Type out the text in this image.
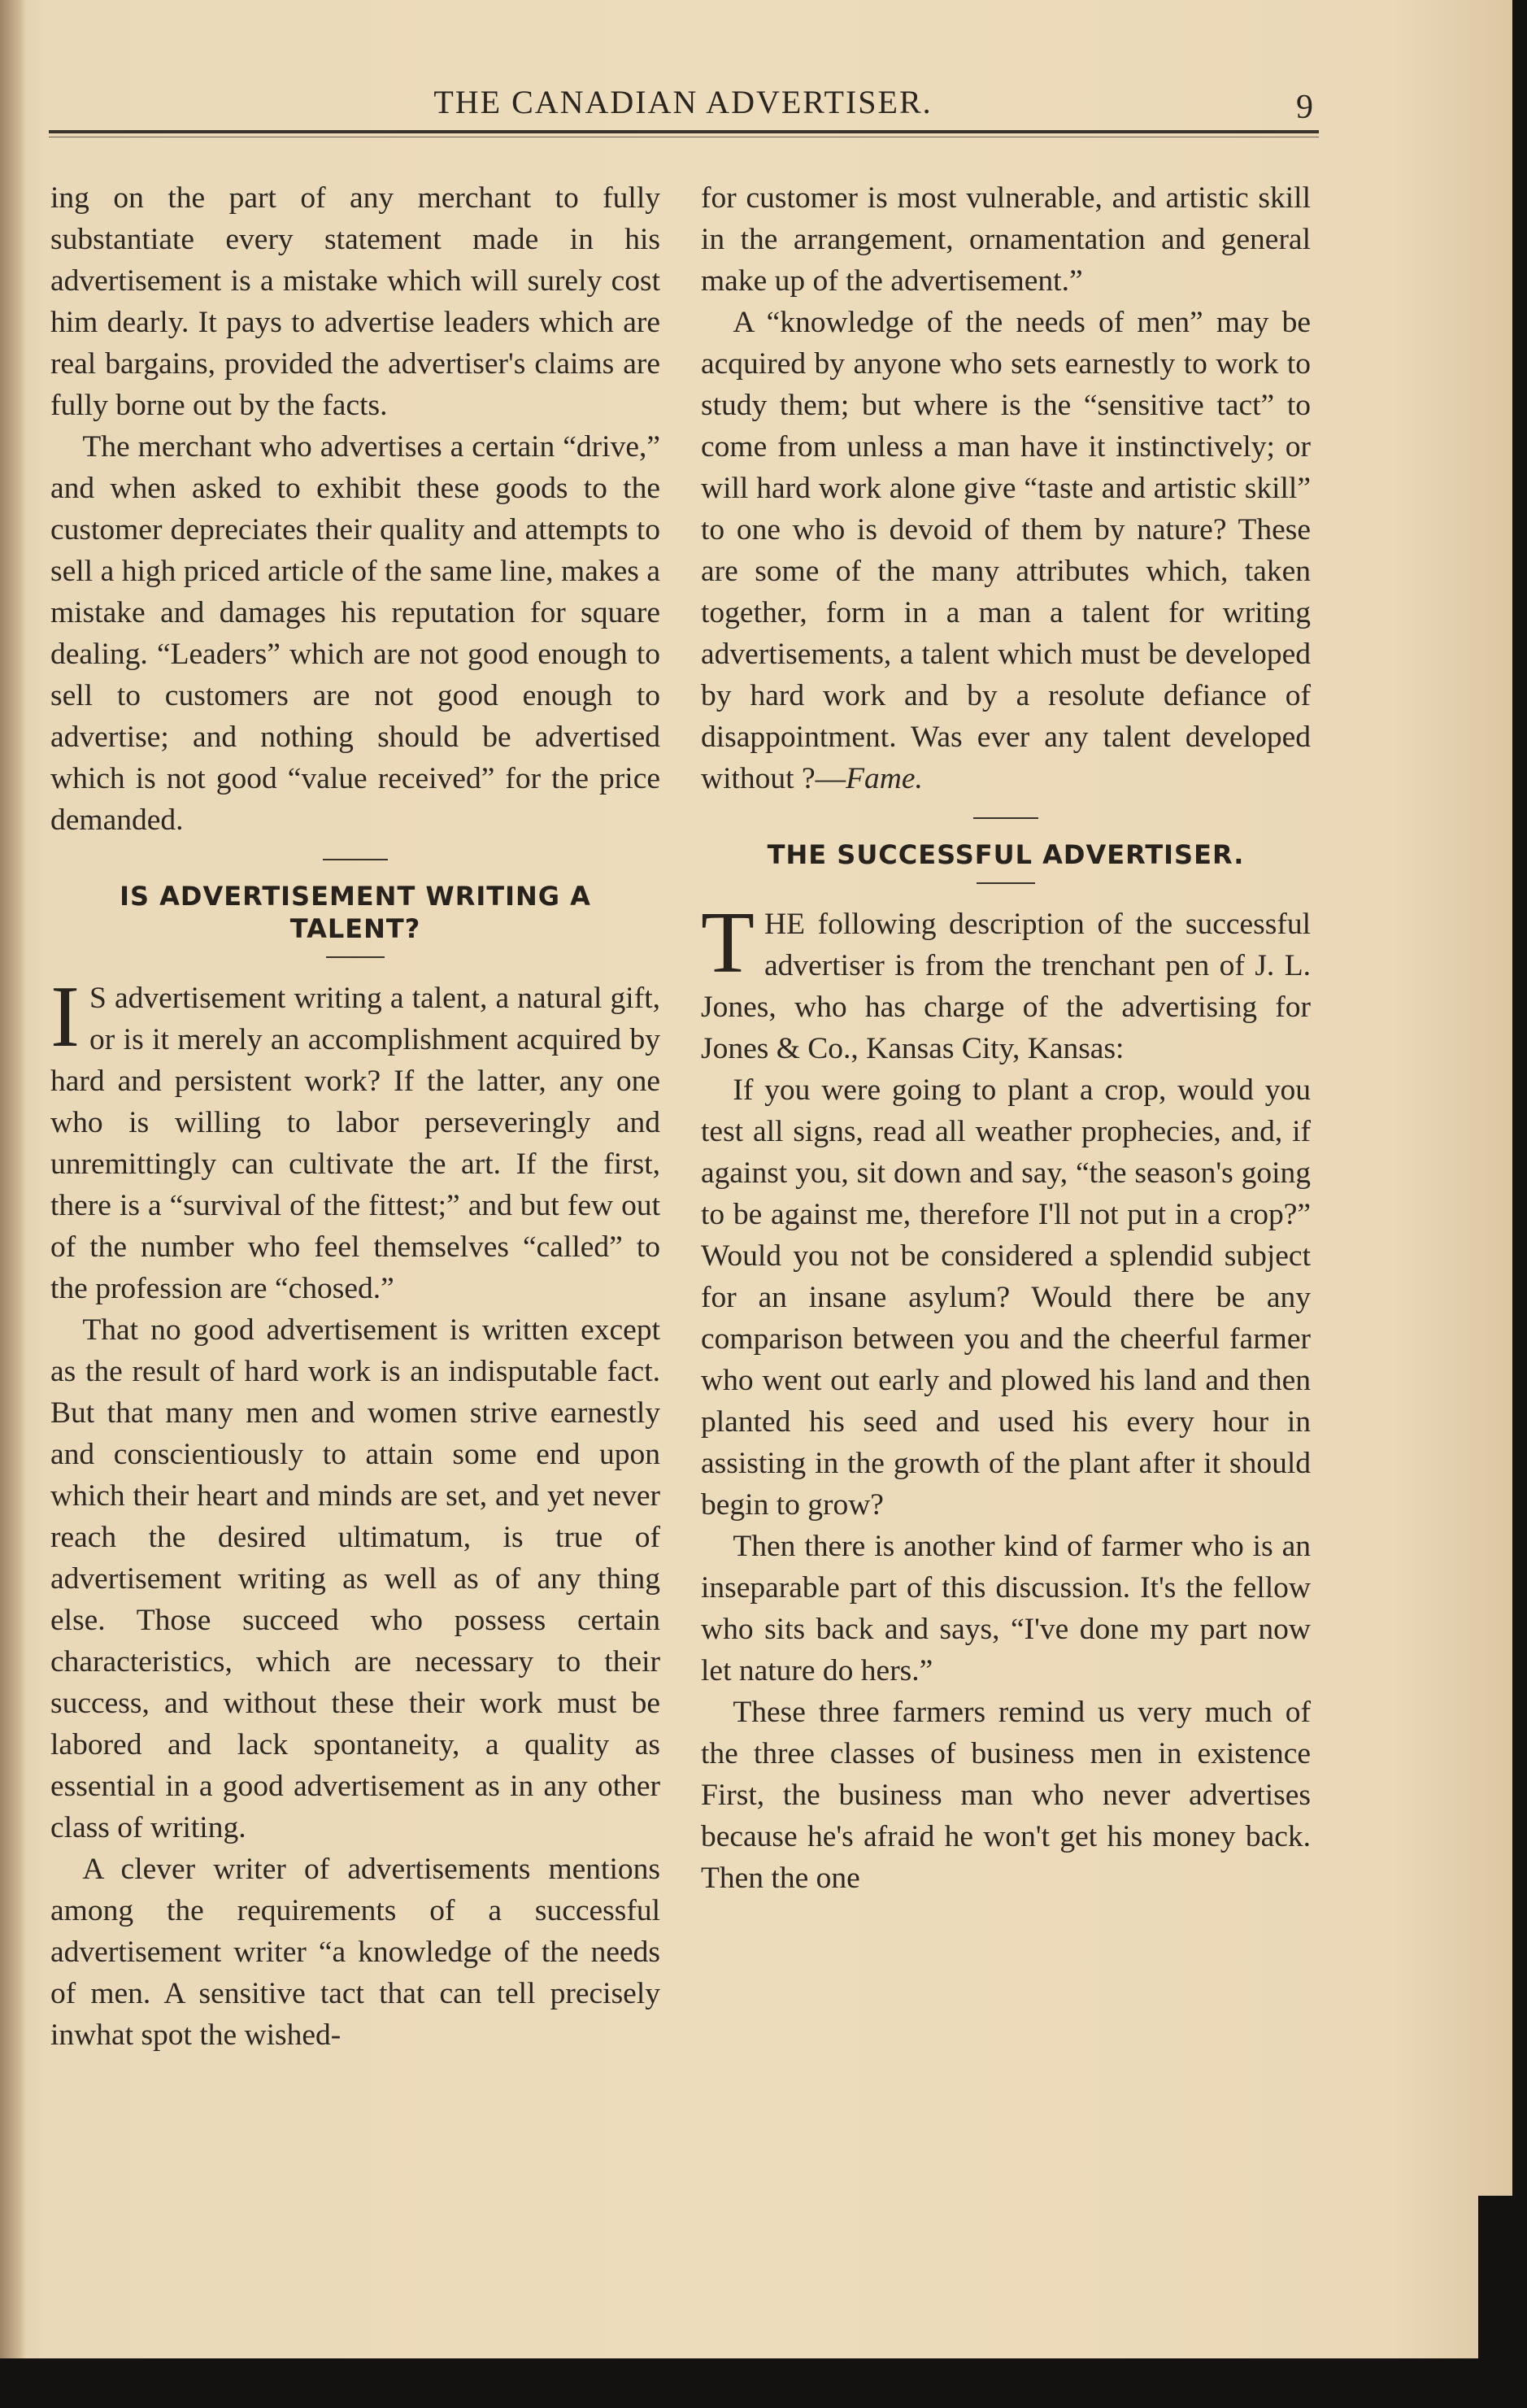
THE CANADIAN ADVERTISER.	9

ing on the part of any merchant to fully substantiate every statement made in his advertisement is a mistake which will surely cost him dearly. It pays to advertise leaders which are real bargains, provided the advertiser's claims are fully borne out by the facts.

The merchant who advertises a certain “drive,” and when asked to exhibit these goods to the customer depreciates their quality and attempts to sell a high priced article of the same line, makes a mistake and damages his reputation for square dealing. “Leaders” which are not good enough to sell to customers are not good enough to advertise; and nothing should be advertised which is not good “value received” for the price demanded.

IS ADVERTISEMENT WRITING A TALENT?

I S advertisement writing a talent, a natural gift, or is it merely an accomplishment acquired by hard and persistent work? If the latter, any one who is willing to labor perseveringly and unremittingly can cultivate the art. If the first, there is a “survival of the fittest;” and but few out of the number who feel themselves “called” to the profession are “chosed.”

That no good advertisement is written except as the result of hard work is an indisputable fact. But that many men and women strive earnestly and conscientiously to attain some end upon which their heart and minds are set, and yet never reach the desired ultimatum, is true of advertisement writing as well as of any thing else. Those succeed who possess certain characteristics, which are necessary to their success, and without these their work must be labored and lack spontaneity, a quality as essential in a good advertisement as in any other class of writing.

A clever writer of advertisements mentions among the requirements of a successful advertisement writer “a knowledge of the needs of men. A sensitive tact that can tell precisely inwhat spot the wished-

for customer is most vulnerable, and artistic skill in the arrangement, ornamentation and general make up of the advertisement.”

A “knowledge of the needs of men” may be acquired by anyone who sets earnestly to work to study them; but where is the “sensitive tact” to come from unless a man have it instinctively; or will hard work alone give “taste and artistic skill” to one who is devoid of them by nature? These are some of the many attributes which, taken together, form in a man a talent for writing advertisements, a talent which must be developed by hard work and by a resolute defiance of disappointment. Was ever any talent developed without ?—Fame.

THE SUCCESSFUL ADVERTISER.

THE following description of the successful advertiser is from the trenchant pen of J. L. Jones, who has charge of the advertising for Jones & Co., Kansas City, Kansas:

If you were going to plant a crop, would you test all signs, read all weather prophecies, and, if against you, sit down and say, “the season's going to be against me, therefore I'll not put in a crop?” Would you not be considered a splendid subject for an insane asylum? Would there be any comparison between you and the cheerful farmer who went out early and plowed his land and then planted his seed and used his every hour in assisting in the growth of the plant after it should begin to grow?

Then there is another kind of farmer who is an inseparable part of this discussion. It's the fellow who sits back and says, “I've done my part now let nature do hers.”

These three farmers remind us very much of the three classes of business men in existence First, the business man who never advertises because he's afraid he won't get his money back. Then the one
